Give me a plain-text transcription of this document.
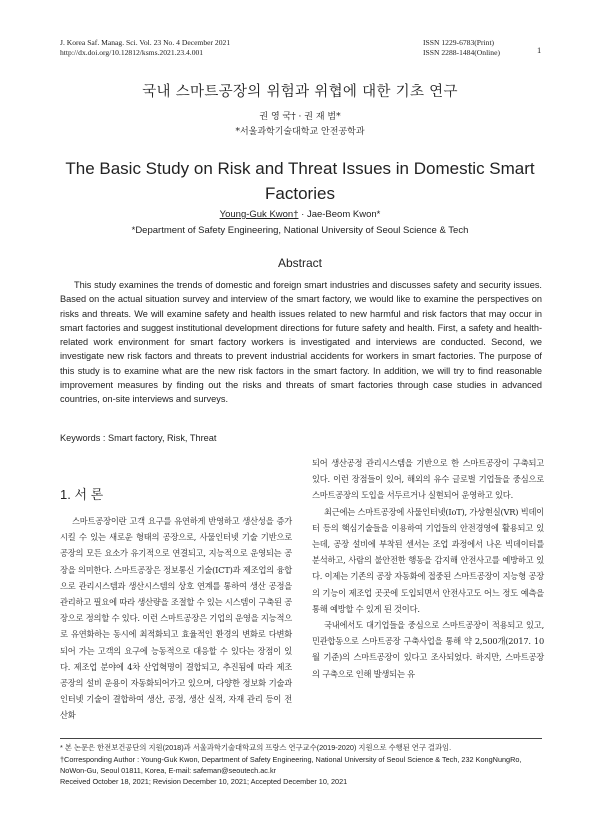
J. Korea Saf. Manag. Sci. Vol. 23 No. 4 December 2021
http://dx.doi.org/10.12812/ksms.2021.23.4.001
ISSN 1229-6783(Print)
ISSN 2288-1484(Online)	1
국내 스마트공장의 위험과 위협에 대한 기초 연구
권 영 국† · 권 재 범*
*서울과학기술대학교 안전공학과
The Basic Study on Risk and Threat Issues in Domestic Smart Factories
Young-Guk Kwon† · Jae-Beom Kwon*
*Department of Safety Engineering, National University of Seoul Science & Tech
Abstract
This study examines the trends of domestic and foreign smart industries and discusses safety and security issues. Based on the actual situation survey and interview of the smart factory, we would like to examine the perspectives on risks and threats. We will examine safety and health issues related to new harmful and risk factors that may occur in smart factories and suggest institutional development directions for future safety and health. First, a safety and health-related work environment for smart factory workers is investigated and interviews are conducted. Second, we investigate new risk factors and threats to prevent industrial accidents for workers in smart factories. The purpose of this study is to examine what are the new risk factors in the smart factory. In addition, we will try to find reasonable improvement measures by finding out the risks and threats of smart factories through case studies in advanced countries, on-site interviews and surveys.
Keywords : Smart factory, Risk, Threat
1. 서 론

스마트공장이란 고객 요구를 유연하게 반영하고 생산성을 증가시킬 수 있는 새로운 형태의 공장으로, 사물인터넷 기술 기반으로 공장의 모든 요소가 유기적으로 연결되고, 지능적으로 운영되는 공장을 의미한다. 스마트공장은 정보통신 기술(ICT)과 제조업의 융합으로 관리시스템과 생산시스템의 상호 연계를 통하여 생산 공정을 관리하고 필요에 따라 생산량을 조절할 수 있는 시스템이 구축된 공장으로 정의할 수 있다. 이런 스마트공장은 기업의 운영을 지능적으로 유연화하는 동시에 최적화되고 효율적인 환경의 변화로 다변화되어 가는 고객의 요구에 능동적으로 대응할 수 있다는 장점이 있다. 제조업 분야에 4차 산업혁명이 결합되고, 추진됨에 따라 제조 공장의 설비 운용이 자동화되어가고 있으며, 다양한 정보화 기술과 인터넷 기술이 결합하여 생산, 공정, 생산 실적, 자재 관리 등이 전산화

되어 생산공정 관리시스템을 기반으로 한 스마트공장이 구축되고 있다. 이런 장점들이 있어, 해외의 유수 글로벌 기업들을 중심으로 스마트공장의 도입을 서두르거나 실현되어 운영하고 있다.

최근에는 스마트공장에 사물인터넷(IoT), 가상현실(VR) 빅데이터 등의 핵심기술들을 이용하여 기업들의 안전경영에 활용되고 있는데, 공장 설비에 부착된 센서는 조업 과정에서 나온 빅데이터를 분석하고, 사람의 불안전한 행동을 감지해 안전사고를 예방하고 있다. 이제는 기존의 공장 자동화에 접중된 스마트공장이 지능형 공장의 기능이 제조업 곳곳에 도입되면서 안전사고도 어느 정도 예측을 통해 예방할 수 있게 된 것이다.

국내에서도 대기업들을 중심으로 스마트공장이 적용되고 있고, 민관합동으로 스마트공장 구축사업을 통해 약 2,500개(2017. 10월 기준)의 스마트공장이 있다고 조사되었다. 하지만, 스마트공장의 구축으로 인해 발생되는 유

* 본 논문은 한전보건공단의 지원(2018)과 서울과학기술대학교의 프랑스 연구교수(2019-2020) 지원으로 수행된 연구 결과임.
†Corresponding Author : Young-Guk Kwon, Department of Safety Engineering, National University of Seoul Science & Tech, 232 KongNungRo, NoWon-Gu, Seoul 01811, Korea, E-mail: safeman@seoutech.ac.kr
Received October 18, 2021; Revision December 10, 2021; Accepted December 10, 2021
